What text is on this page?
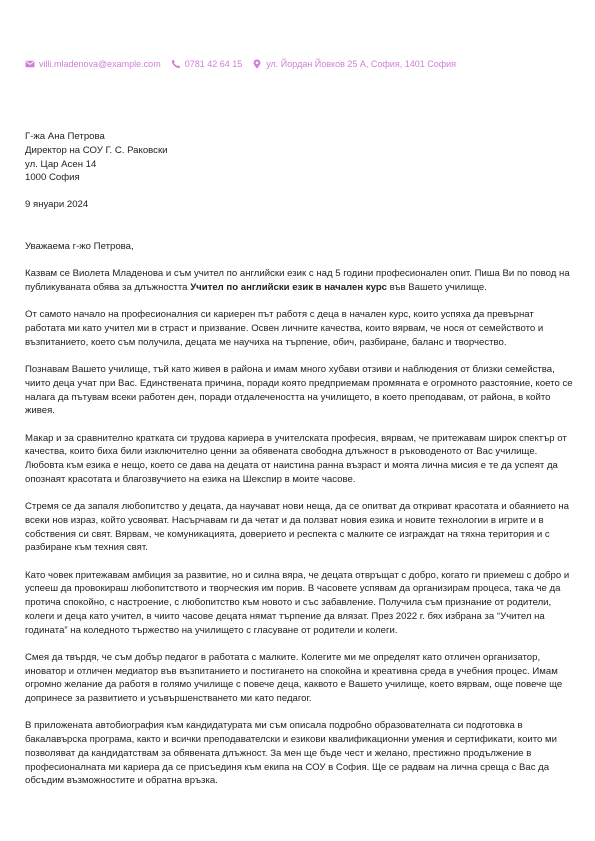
villi.mladenova@example.com	0781 42 64 15	ул. Йордан Йовков 25 А, София, 1401 София
Г-жа Ана Петрова
Директор на СОУ Г. С. Раковски
ул. Цар Асен 14
1000 София
9 януари 2024

Уважаема г-жо Петрова,

Казвам се Виолета Младенова и съм учител по английски език с над 5 години професионален опит. Пиша Ви по повод на публикуваната обява за длъжността Учител по английски език в начален курс във Вашето училище.

От самото начало на професионалния си кариерен път работя с деца в начален курс, които успяха да превърнат работата ми като учител ми в страст и призвание. Освен личните качества, които вярвам, че нося от семейството и възпитанието, което съм получила, децата ме научиха на търпение, обич, разбиране, баланс и творчество.

Познавам Вашето училище, тъй като живея в района и имам много хубави отзиви и наблюдения от близки семейства, чиито деца учат при Вас. Единствената причина, поради която предприемам промяната е огромното разстояние, което се налага да пътувам всеки работен ден, поради отдалечеността на училището, в което преподавам, от района, в който живея.

Макар и за сравнително кратката си трудова кариера в учителската професия, вярвам, че притежавам широк спектър от качества, които биха били изключително ценни за обявената свободна длъжност в ръководеното от Вас училище. Любовта към езика е нещо, което се дава на децата от наистина ранна възраст и моята лична мисия е те да успеят да опознаят красотата и благозвучието на езика на Шекспир в моите часове.

Стремя се да запаля любопитство у децата, да научават нови неща, да се опитват да откриват красотата и обаянието на всеки нов израз, който усвояват. Насърчавам ги да четат и да ползват новия езика и новите технологии в игрите и в собствения си свят. Вярвам, че комуникацията, доверието и респекта с малките се изграждат на тяхна територия и с разбиране към техния свят.

Като човек притежавам амбиция за развитие, но и силна вяра, че децата отвръщат с добро, когато ги приемеш с добро и успееш да провокираш любопитството и творческия им порив. В часовете успявам да организирам процеса, така че да протича спокойно, с настроение, с любопитство към новото и със забавление. Получила съм признание от родители, колеги и деца като учител, в чиито часове децата нямат търпение да влязат. През 2022 г. бях избрана за “Учител на годината” на коледното тържество на училището с гласуване от родители и колеги.

Смея да твърдя, че съм добър педагог в работата с малките. Колегите ми ме определят като отличен организатор, иноватор и отличен медиатор във възпитанието и постигането на спокойна и креативна среда в учебния процес. Имам огромно желание да работя в голямо училище с повече деца, каквото е Вашето училище, което вярвам, още повече ще допринесе за развитието и усъвършенстването ми като педагог.

В приложената автобиография към кандидатурата ми съм описала подробно образователната си подготовка в бакалавърска програма, както и всички преподавателски и езикови квалификационни умения и сертификати, които ми позволяват да кандидатствам за обявената длъжност. За мен ще бъде чест и желано, престижно продължение в професионалната ми кариера да се присъединя към екипа на СОУ в София. Ще се радвам на лична среща с Вас да обсъдим възможностите и обратна връзка.
